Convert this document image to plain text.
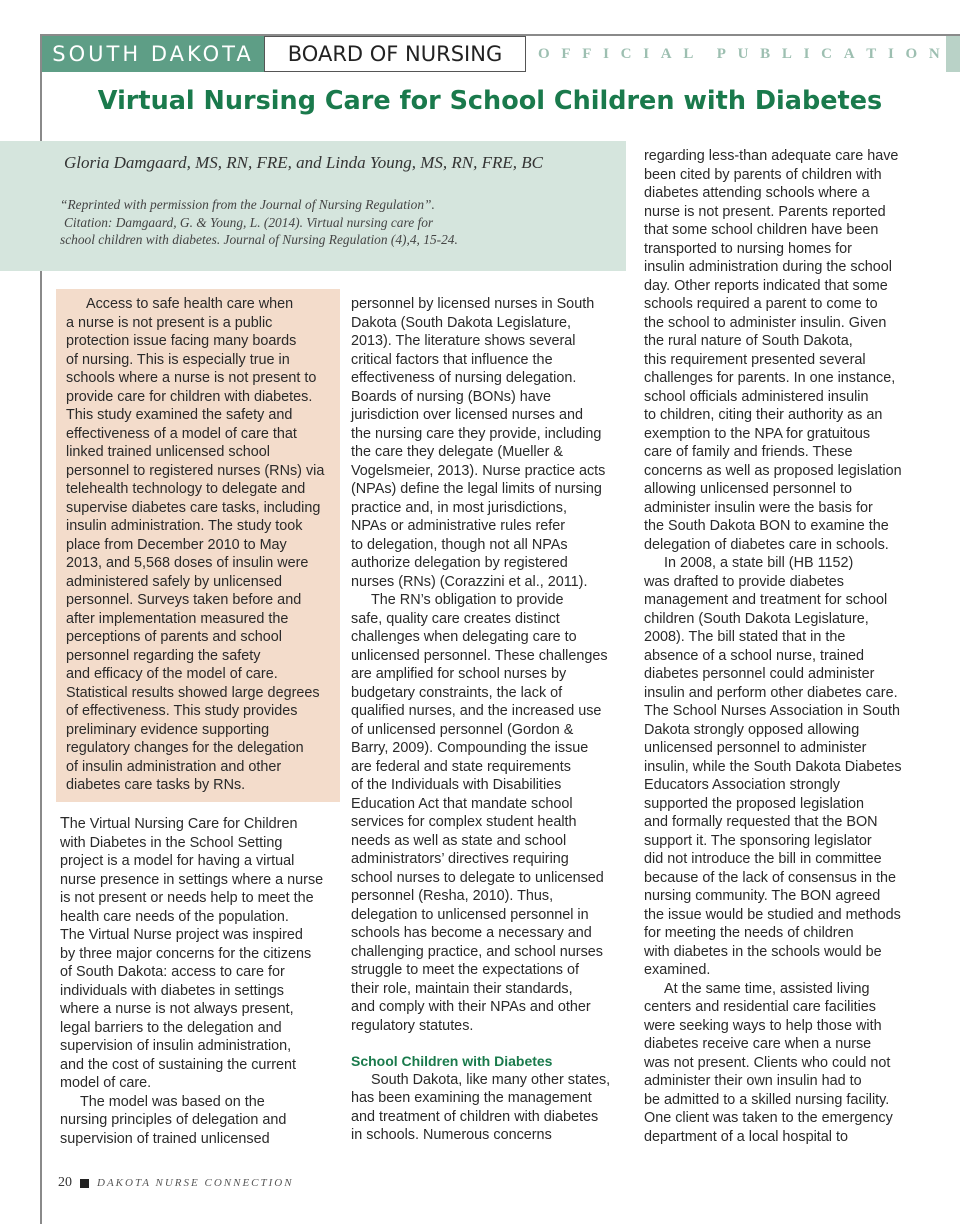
SOUTH DAKOTA	BOARD OF NURSING	O F F I C I A L P U B L I C A T I O N
Virtual Nursing Care for School Children with Diabetes

Gloria Damgaard, MS, RN, FRE, and Linda Young, MS, RN, FRE, BC

“Reprinted with permission from the Journal of Nursing Regulation”.
Citation: Damgaard, G. & Young, L. (2014). Virtual nursing care for
school children with diabetes. Journal of Nursing Regulation (4),4, 15-24.

Access to safe health care when
a nurse is not present is a public
protection issue facing many boards
of nursing. This is especially true in
schools where a nurse is not present to
provide care for children with diabetes.
This study examined the safety and
effectiveness of a model of care that
linked trained unlicensed school
personnel to registered nurses (RNs) via
telehealth technology to delegate and
supervise diabetes care tasks, including
insulin administration. The study took
place from December 2010 to May
2013, and 5,568 doses of insulin were
administered safely by unlicensed
personnel. Surveys taken before and
after implementation measured the
perceptions of parents and school
personnel regarding the safety
and efficacy of the model of care.
Statistical results showed large degrees
of effectiveness. This study provides
preliminary evidence supporting
regulatory changes for the delegation
of insulin administration and other
diabetes care tasks by RNs.

The Virtual Nursing Care for Children
with Diabetes in the School Setting
project is a model for having a virtual
nurse presence in settings where a nurse
is not present or needs help to meet the
health care needs of the population.
The Virtual Nurse project was inspired
by three major concerns for the citizens
of South Dakota: access to care for
individuals with diabetes in settings
where a nurse is not always present,
legal barriers to the delegation and
supervision of insulin administration,
and the cost of sustaining the current
model of care.

The model was based on the
nursing principles of delegation and
supervision of trained unlicensed

personnel by licensed nurses in South
Dakota (South Dakota Legislature,
2013). The literature shows several
critical factors that influence the
effectiveness of nursing delegation.
Boards of nursing (BONs) have
jurisdiction over licensed nurses and
the nursing care they provide, including
the care they delegate (Mueller &
Vogelsmeier, 2013). Nurse practice acts
(NPAs) define the legal limits of nursing
practice and, in most jurisdictions,
NPAs or administrative rules refer
to delegation, though not all NPAs
authorize delegation by registered
nurses (RNs) (Corazzini et al., 2011).

The RN’s obligation to provide
safe, quality care creates distinct
challenges when delegating care to
unlicensed personnel. These challenges
are amplified for school nurses by
budgetary constraints, the lack of
qualified nurses, and the increased use
of unlicensed personnel (Gordon &
Barry, 2009). Compounding the issue
are federal and state requirements
of the Individuals with Disabilities
Education Act that mandate school
services for complex student health
needs as well as state and school
administrators’ directives requiring
school nurses to delegate to unlicensed
personnel (Resha, 2010). Thus,
delegation to unlicensed personnel in
schools has become a necessary and
challenging practice, and school nurses
struggle to meet the expectations of
their role, maintain their standards,
and comply with their NPAs and other
regulatory statutes.

School Children with Diabetes

South Dakota, like many other states,
has been examining the management
and treatment of children with diabetes
in schools. Numerous concerns

regarding less-than adequate care have
been cited by parents of children with
diabetes attending schools where a
nurse is not present. Parents reported
that some school children have been
transported to nursing homes for
insulin administration during the school
day. Other reports indicated that some
schools required a parent to come to
the school to administer insulin. Given
the rural nature of South Dakota,
this requirement presented several
challenges for parents. In one instance,
school officials administered insulin
to children, citing their authority as an
exemption to the NPA for gratuitous
care of family and friends. These
concerns as well as proposed legislation
allowing unlicensed personnel to
administer insulin were the basis for
the South Dakota BON to examine the
delegation of diabetes care in schools.

In 2008, a state bill (HB 1152)
was drafted to provide diabetes
management and treatment for school
children (South Dakota Legislature,
2008). The bill stated that in the
absence of a school nurse, trained
diabetes personnel could administer
insulin and perform other diabetes care.
The School Nurses Association in South
Dakota strongly opposed allowing
unlicensed personnel to administer
insulin, while the South Dakota Diabetes
Educators Association strongly
supported the proposed legislation
and formally requested that the BON
support it. The sponsoring legislator
did not introduce the bill in committee
because of the lack of consensus in the
nursing community. The BON agreed
the issue would be studied and methods
for meeting the needs of children
with diabetes in the schools would be
examined.

At the same time, assisted living
centers and residential care facilities
were seeking ways to help those with
diabetes receive care when a nurse
was not present. Clients who could not
administer their own insulin had to
be admitted to a skilled nursing facility.
One client was taken to the emergency
department of a local hospital to

20 DAKOTA NURSE CONNECTION
